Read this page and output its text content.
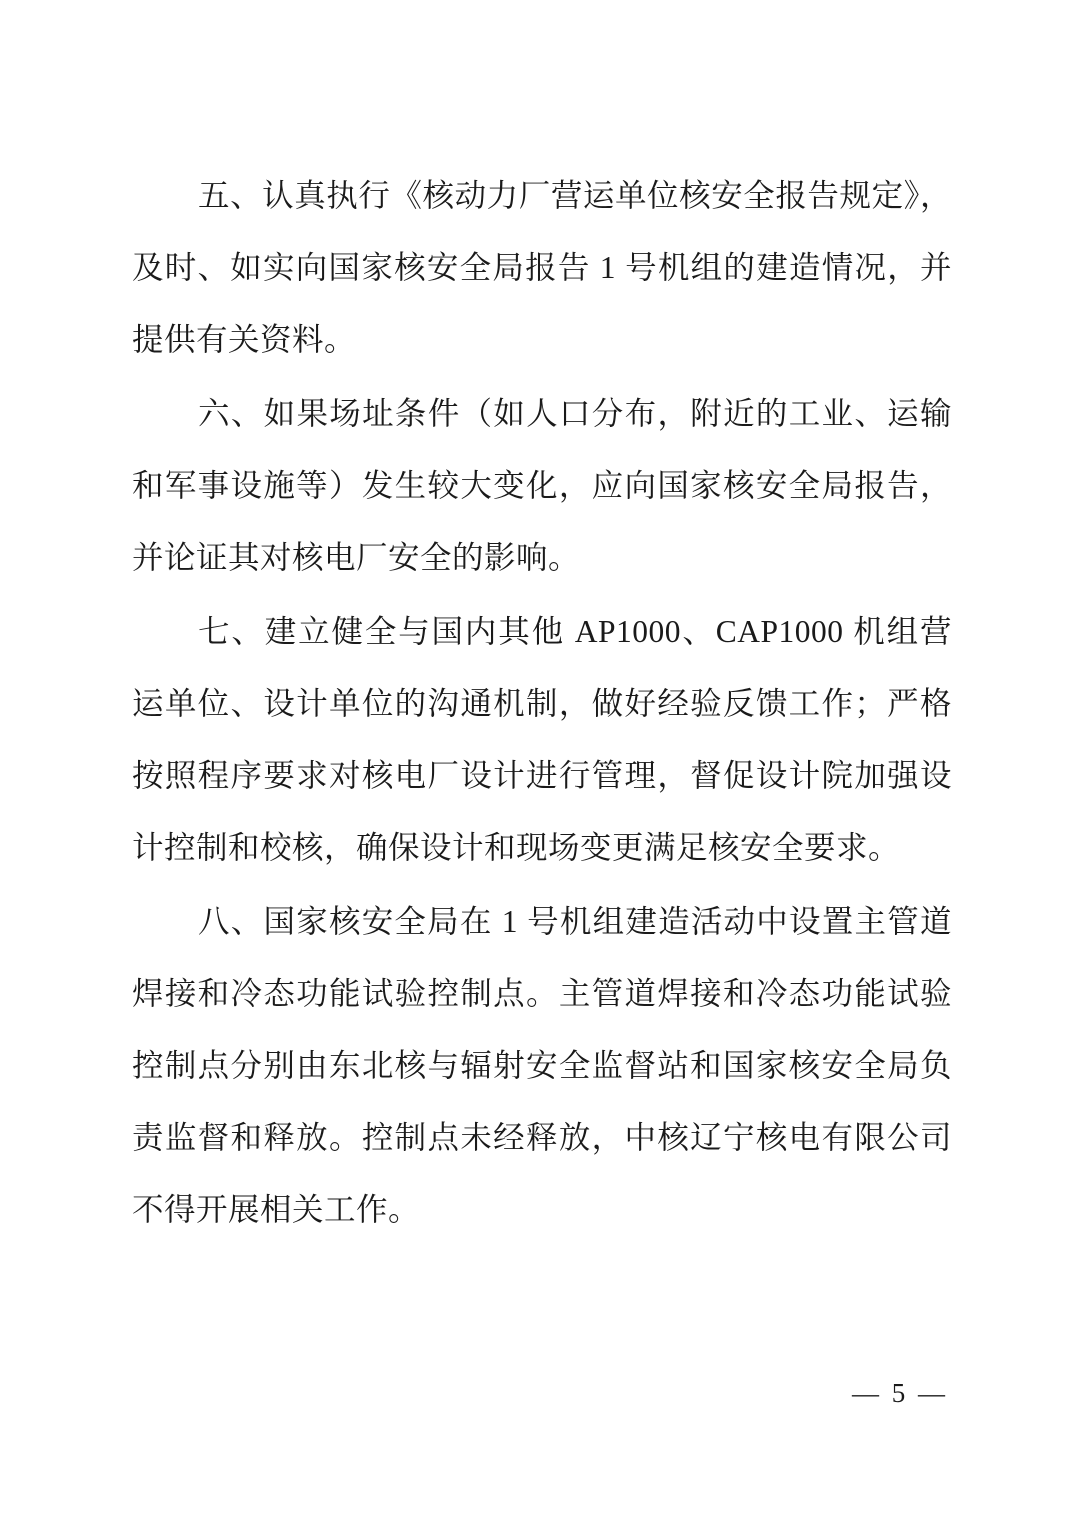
五、认真执行《核动力厂营运单位核安全报告规定》，及时、如实向国家核安全局报告 1 号机组的建造情况，并提供有关资料。

六、如果场址条件（如人口分布，附近的工业、运输和军事设施等）发生较大变化，应向国家核安全局报告，并论证其对核电厂安全的影响。

七、建立健全与国内其他 AP1000、CAP1000 机组营运单位、设计单位的沟通机制，做好经验反馈工作；严格按照程序要求对核电厂设计进行管理，督促设计院加强设计控制和校核，确保设计和现场变更满足核安全要求。

八、国家核安全局在 1 号机组建造活动中设置主管道焊接和冷态功能试验控制点。主管道焊接和冷态功能试验控制点分别由东北核与辐射安全监督站和国家核安全局负责监督和释放。控制点未经释放，中核辽宁核电有限公司不得开展相关工作。

— 5 —
